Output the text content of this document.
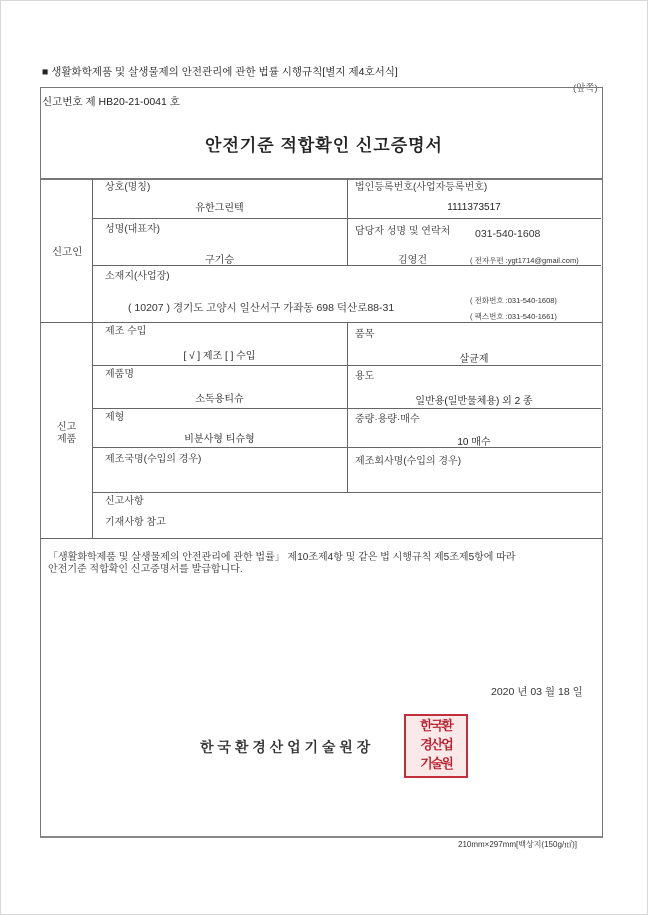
■ 생활화학제품 및 살생물제의 안전관리에 관한 법률 시행규칙[별지 제4호서식]
(앞쪽)
신고번호 제 HB20-21-0041 호
안전기준 적합확인 신고증명서
신고인
상호(명칭)
유한그린텍
법인등록번호(사업자등록번호)
1111373517
성명(대표자)
구기승
담당자 성명 및 연락처 031-540-1608
김영건	( 전자우편 :ygt1714@gmail.com)
소재지(사업장)
( 10207 ) 경기도 고양시 일산서구 가좌동 698 덕산로88-31
( 전화번호 :031-540-1608)
( 팩스번호 :031-540-1661)
신고
제품
제조 수입
[ √ ] 제조 [ ] 수입
품목
살균제
제품명
소독용티슈
용도
일반용(일반물체용) 외 2 종
제형
비분사형 티슈형
중량·용량·매수
10 매수
제조국명(수입의 경우)	제조회사명(수입의 경우)
신고사항
기재사항 참고
「생활화학제품 및 살생물제의 안전관리에 관한 법률」 제10조제4항 및 같은 법 시행규칙 제5조제5항에 따라
안전기준 적합확인 신고증명서를 발급합니다.
2020 년 03 월 18 일
한 국 환 경 산 업 기 술 원 장
한국환
경산업
기술원
210mm×297mm[백상지(150g/㎡)]
